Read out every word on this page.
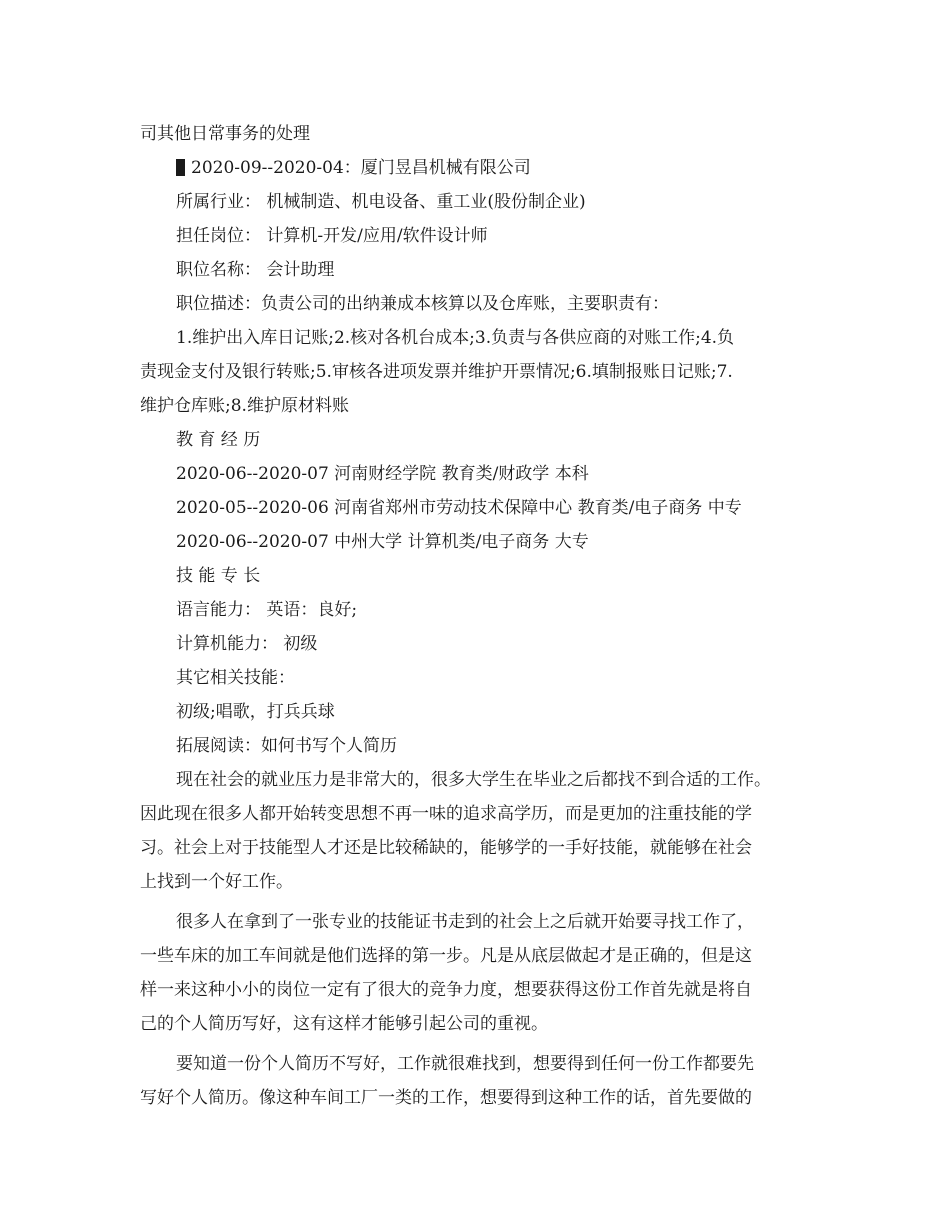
司其他日常事务的处理
2020-09--2020-04：厦门昱昌机械有限公司
所属行业： 机械制造、机电设备、重工业(股份制企业)
担任岗位： 计算机-开发/应用/软件设计师
职位名称： 会计助理
职位描述：负责公司的出纳兼成本核算以及仓库账，主要职责有：
1.维护出入库日记账;2.核对各机台成本;3.负责与各供应商的对账工作;4.负
责现金支付及银行转账;5.审核各进项发票并维护开票情况;6.填制报账日记账;7.
维护仓库账;8.维护原材料账
教 育 经 历
2020-06--2020-07 河南财经学院 教育类/财政学 本科
2020-05--2020-06 河南省郑州市劳动技术保障中心 教育类/电子商务 中专
2020-06--2020-07 中州大学 计算机类/电子商务 大专
技 能 专 长
语言能力： 英语：良好;
计算机能力： 初级
其它相关技能：
初级;唱歌，打兵兵球
拓展阅读：如何书写个人简历
现在社会的就业压力是非常大的，很多大学生在毕业之后都找不到合适的工作。
因此现在很多人都开始转变思想不再一味的追求高学历，而是更加的注重技能的学
习。社会上对于技能型人才还是比较稀缺的，能够学的一手好技能，就能够在社会
上找到一个好工作。
很多人在拿到了一张专业的技能证书走到的社会上之后就开始要寻找工作了，
一些车床的加工车间就是他们选择的第一步。凡是从底层做起才是正确的，但是这
样一来这种小小的岗位一定有了很大的竞争力度，想要获得这份工作首先就是将自
己的个人简历写好，这有这样才能够引起公司的重视。
要知道一份个人简历不写好，工作就很难找到，想要得到任何一份工作都要先
写好个人简历。像这种车间工厂一类的工作，想要得到这种工作的话，首先要做的
